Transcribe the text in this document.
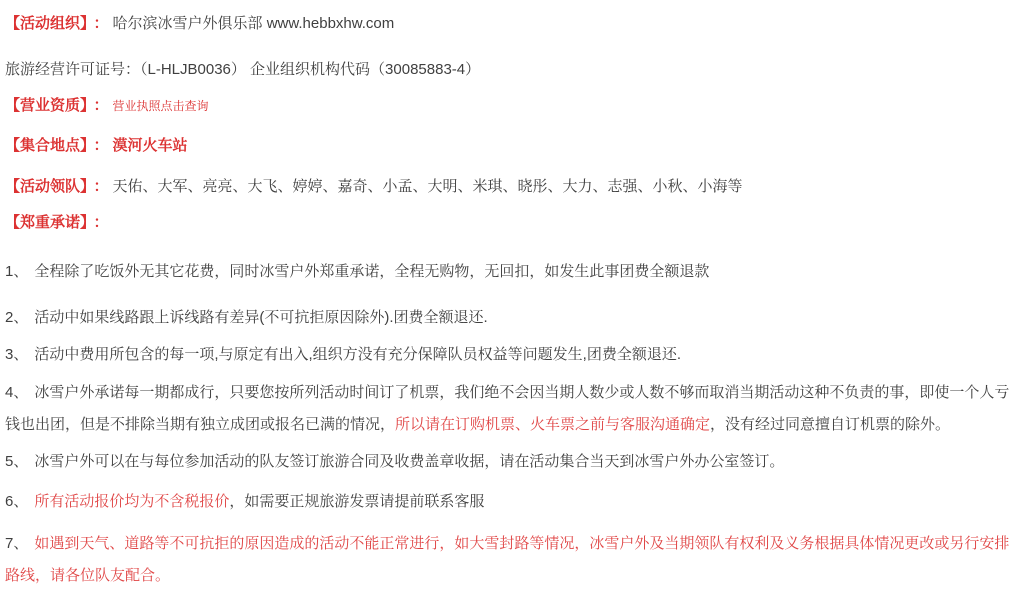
【活动组织】 ： 哈尔滨冰雪户外俱乐部 www.hebbxhw.com

旅游经营许可证号：（L-HLJB0036） 企业组织机构代码（30085883-4）

【营业资质】 ： 营业执照点击查询

【集合地点】 ： 漠河火车站

【活动领队】 ： 天佑、大军、亮亮、大飞、婷婷、嘉奇、小孟、大明、米琪、晓彤、大力、志强、小秋、小海等

【郑重承诺】 ：

1、 全程除了吃饭外无其它花费，同时冰雪户外郑重承诺，全程无购物，无回扣，如发生此事团费全额退款

2、 活动中如果线路跟上诉线路有差异(不可抗拒原因除外).团费全额退还.

3、 活动中费用所包含的每一项,与原定有出入,组织方没有充分保障队员权益等问题发生,团费全额退还.

4、 冰雪户外承诺每一期都成行，只要您按所列活动时间订了机票，我们绝不会因当期人数少或人数不够而取消当期活动这种不负责的事，即使一个人亏钱也出团，但是不排除当期有独立成团或报名已满的情况，所以请在订购机票、火车票之前与客服沟通确定，没有经过同意擅自订机票的除外。

5、 冰雪户外可以在与每位参加活动的队友签订旅游合同及收费盖章收据，请在活动集合当天到冰雪户外办公室签订。

6、 所有活动报价均为不含税报价，如需要正规旅游发票请提前联系客服

7、 如遇到天气、道路等不可抗拒的原因造成的活动不能正常进行，如大雪封路等情况，冰雪户外及当期领队有权利及义务根据具体情况更改或另行安排路线，请各位队友配合。
